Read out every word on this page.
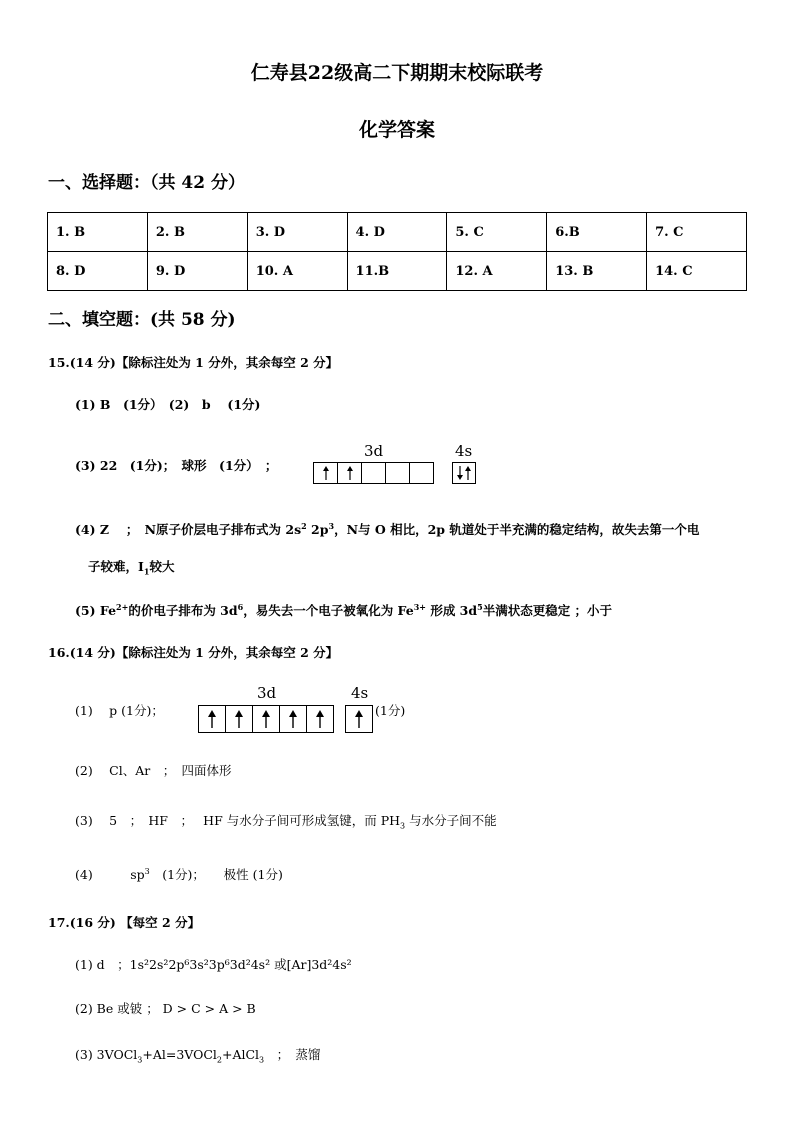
仁寿县22级高二下期期末校际联考
化学答案
一、选择题：（共 42 分）
1. B	2. B	3. D	4. D	5. C	6.B	7. C
8. D	9. D	10. A	11.B	12. A	13. B	14. C
二、填空题：(共 58 分)
15.(14 分)【除标注处为 1 分外，其余每空 2 分】
(1) B　(1分）　(2)　b　 (1分)
(3) 22　(1分)；　球形　(1分）　；
3d	4s
(4) Z　 ；　N原子价层电子排布式为 $2s^2$ $2p^3$，N与 O 相比，2p 轨道处于半充满的稳定结构，故失去第一个电
子较难，$I_1$较大
(5) $Fe^{2+}$的价电子排布为 $3d^6$，易失去一个电子被氧化为 $Fe^{3+}$ 形成 $3d^5$半满状态更稳定 ；小于
16.(14 分)【除标注处为 1 分外，其余每空 2 分】
(1)　 p (1分)；
3d	4s
(1分)
(2)　 Cl、Ar　；　四面体形
(3)　 5　；　HF　；　 HF 与水分子间可形成氢键，而 $PH_3$ 与水分子间不能
(4)　　　$sp^3$　(1分)；　　极性 (1分)
17.(16 分) 【每空 2 分】
(1) d　；1s²2s²2p⁶3s²3p⁶3d²4s² 或[Ar]3d²4s²
(2) Be 或铍 ； D > C > A > B
(3) 3VOCl$_3$+Al=3VOCl$_2$+AlCl$_3$　；　蒸馏
